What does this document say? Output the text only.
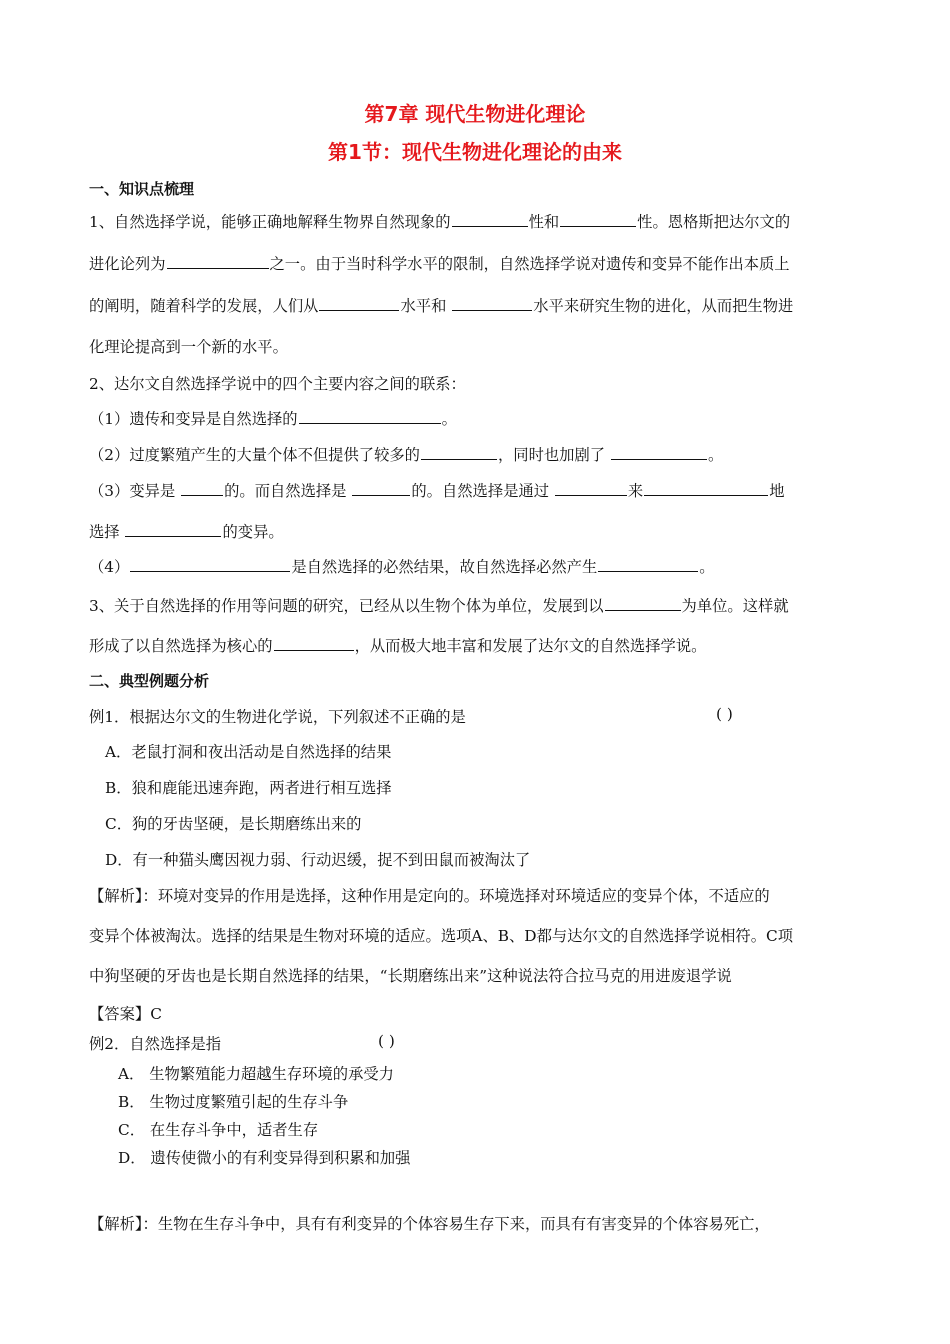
第7章 现代生物进化理论
第1节：现代生物进化理论的由来
一、知识点梳理
1、自然选择学说，能够正确地解释生物界自然现象的	性和	性。恩格斯把达尔文的
进化论列为	之一。由于当时科学水平的限制，自然选择学说对遗传和变异不能作出本质上
的阐明，随着科学的发展，人们从	水平和	水平来研究生物的进化，从而把生物进
化理论提高到一个新的水平。
2、达尔文自然选择学说中的四个主要内容之间的联系：
（1）遗传和变异是自然选择的	。
（2）过度繁殖产生的大量个体不但提供了较多的	，同时也加剧了	。
（3）变异是	的。而自然选择是	的。自然选择是通过	来	地
选择	的变异。
（4）	是自然选择的必然结果，故自然选择必然产生	。
3、关于自然选择的作用等问题的研究，已经从以生物个体为单位，发展到以	为单位。这样就
形成了以自然选择为核心的	，从而极大地丰富和发展了达尔文的自然选择学说。
二、典型例题分析
例1．根据达尔文的生物进化学说，下列叙述不正确的是	( )
A．老鼠打洞和夜出活动是自然选择的结果
B．狼和鹿能迅速奔跑，两者进行相互选择
C．狗的牙齿坚硬，是长期磨练出来的
D．有一种猫头鹰因视力弱、行动迟缓，捉不到田鼠而被淘汰了
【解析】：环境对变异的作用是选择，这种作用是定向的。环境选择对环境适应的变异个体，不适应的
变异个体被淘汰。选择的结果是生物对环境的适应。选项A、B、D都与达尔文的自然选择学说相符。C项
中狗坚硬的牙齿也是长期自然选择的结果，“长期磨练出来”这种说法符合拉马克的用进废退学说
【答案】C
例2．自然选择是指	( )
A． 生物繁殖能力超越生存环境的承受力
B． 生物过度繁殖引起的生存斗争
C． 在生存斗争中，适者生存
D． 遗传使微小的有利变异得到积累和加强
【解析】：生物在生存斗争中，具有有利变异的个体容易生存下来，而具有有害变异的个体容易死亡，
